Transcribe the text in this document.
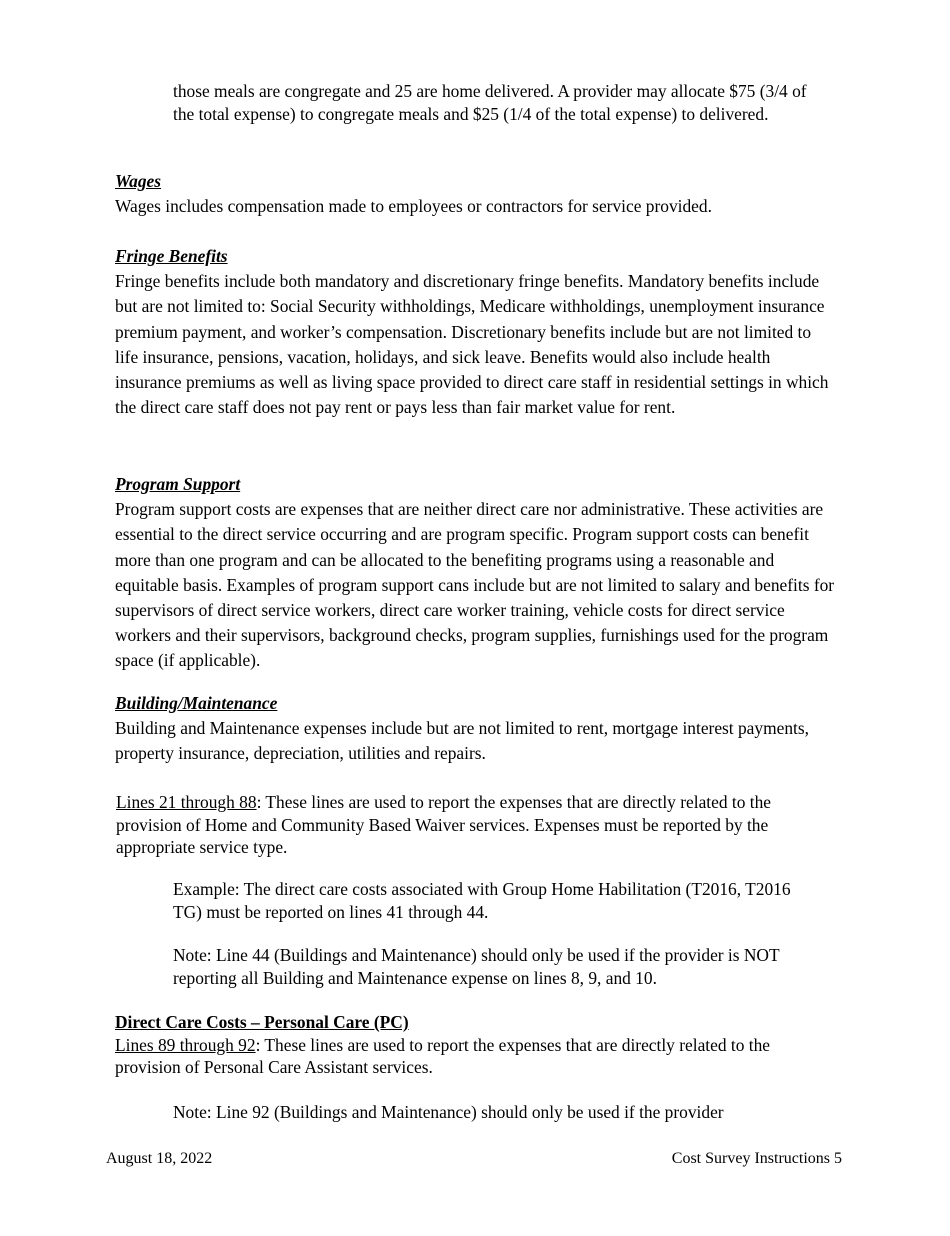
those meals are congregate and 25 are home delivered. A provider may allocate $75 (3/4 of the total expense) to congregate meals and $25 (1/4 of the total expense) to delivered.

Wages

Wages includes compensation made to employees or contractors for service provided.

Fringe Benefits

Fringe benefits include both mandatory and discretionary fringe benefits. Mandatory benefits include but are not limited to: Social Security withholdings, Medicare withholdings, unemployment insurance premium payment, and worker’s compensation. Discretionary benefits include but are not limited to life insurance, pensions, vacation, holidays, and sick leave. Benefits would also include health insurance premiums as well as living space provided to direct care staff in residential settings in which the direct care staff does not pay rent or pays less than fair market value for rent.

Program Support

Program support costs are expenses that are neither direct care nor administrative. These activities are essential to the direct service occurring and are program specific. Program support costs can benefit more than one program and can be allocated to the benefiting programs using a reasonable and equitable basis. Examples of program support cans include but are not limited to salary and benefits for supervisors of direct service workers, direct care worker training, vehicle costs for direct service workers and their supervisors, background checks, program supplies, furnishings used for the program space (if applicable).

Building/Maintenance

Building and Maintenance expenses include but are not limited to rent, mortgage interest payments, property insurance, depreciation, utilities and repairs.

Lines 21 through 88: These lines are used to report the expenses that are directly related to the provision of Home and Community Based Waiver services. Expenses must be reported by the appropriate service type.

Example: The direct care costs associated with Group Home Habilitation (T2016, T2016 TG) must be reported on lines 41 through 44.

Note: Line 44 (Buildings and Maintenance) should only be used if the provider is NOT reporting all Building and Maintenance expense on lines 8, 9, and 10.

Direct Care Costs – Personal Care (PC)

Lines 89 through 92: These lines are used to report the expenses that are directly related to the provision of Personal Care Assistant services.

Note: Line 92 (Buildings and Maintenance) should only be used if the provider

August 18, 2022	Cost Survey Instructions 5
